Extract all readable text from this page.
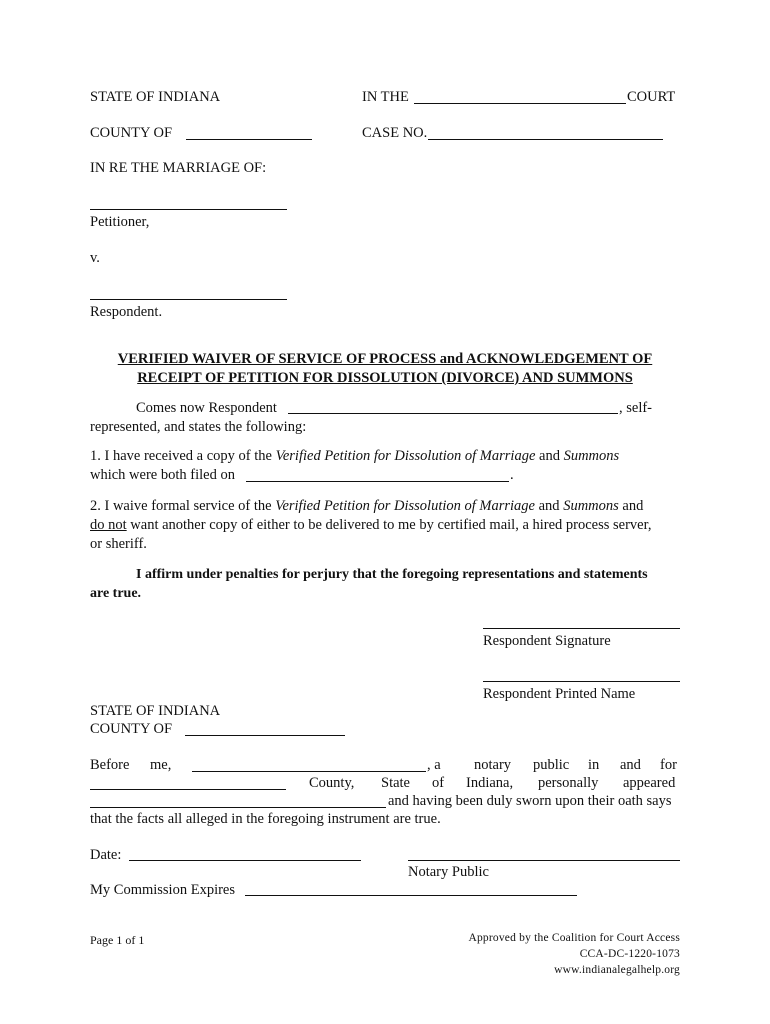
STATE OF INDIANA	IN THE	COURT
COUNTY OF	CASE NO.
IN RE THE MARRIAGE OF:
Petitioner,
v.
Respondent.
VERIFIED WAIVER OF SERVICE OF PROCESS and ACKNOWLEDGEMENT OF
RECEIPT OF PETITION FOR DISSOLUTION (DIVORCE) AND SUMMONS
Comes now Respondent	, self-
represented, and states the following:
1. I have received a copy of the Verified Petition for Dissolution of Marriage and Summons
which were both filed on	.
2. I waive formal service of the Verified Petition for Dissolution of Marriage and Summons and
do not want another copy of either to be delivered to me by certified mail, a hired process server,
or sheriff.
I affirm under penalties for perjury that the foregoing representations and statements
are true.
Respondent Signature
Respondent Printed Name
STATE OF INDIANA
COUNTY OF
Before me,	, a notary public in and for
County, State of Indiana, personally appeared
and having been duly sworn upon their oath says
that the facts all alleged in the foregoing instrument are true.
Date:
Notary Public
My Commission Expires
Page 1 of 1	Approved by the Coalition for Court Access
CCA-DC-1220-1073
www.indianalegalhelp.org
